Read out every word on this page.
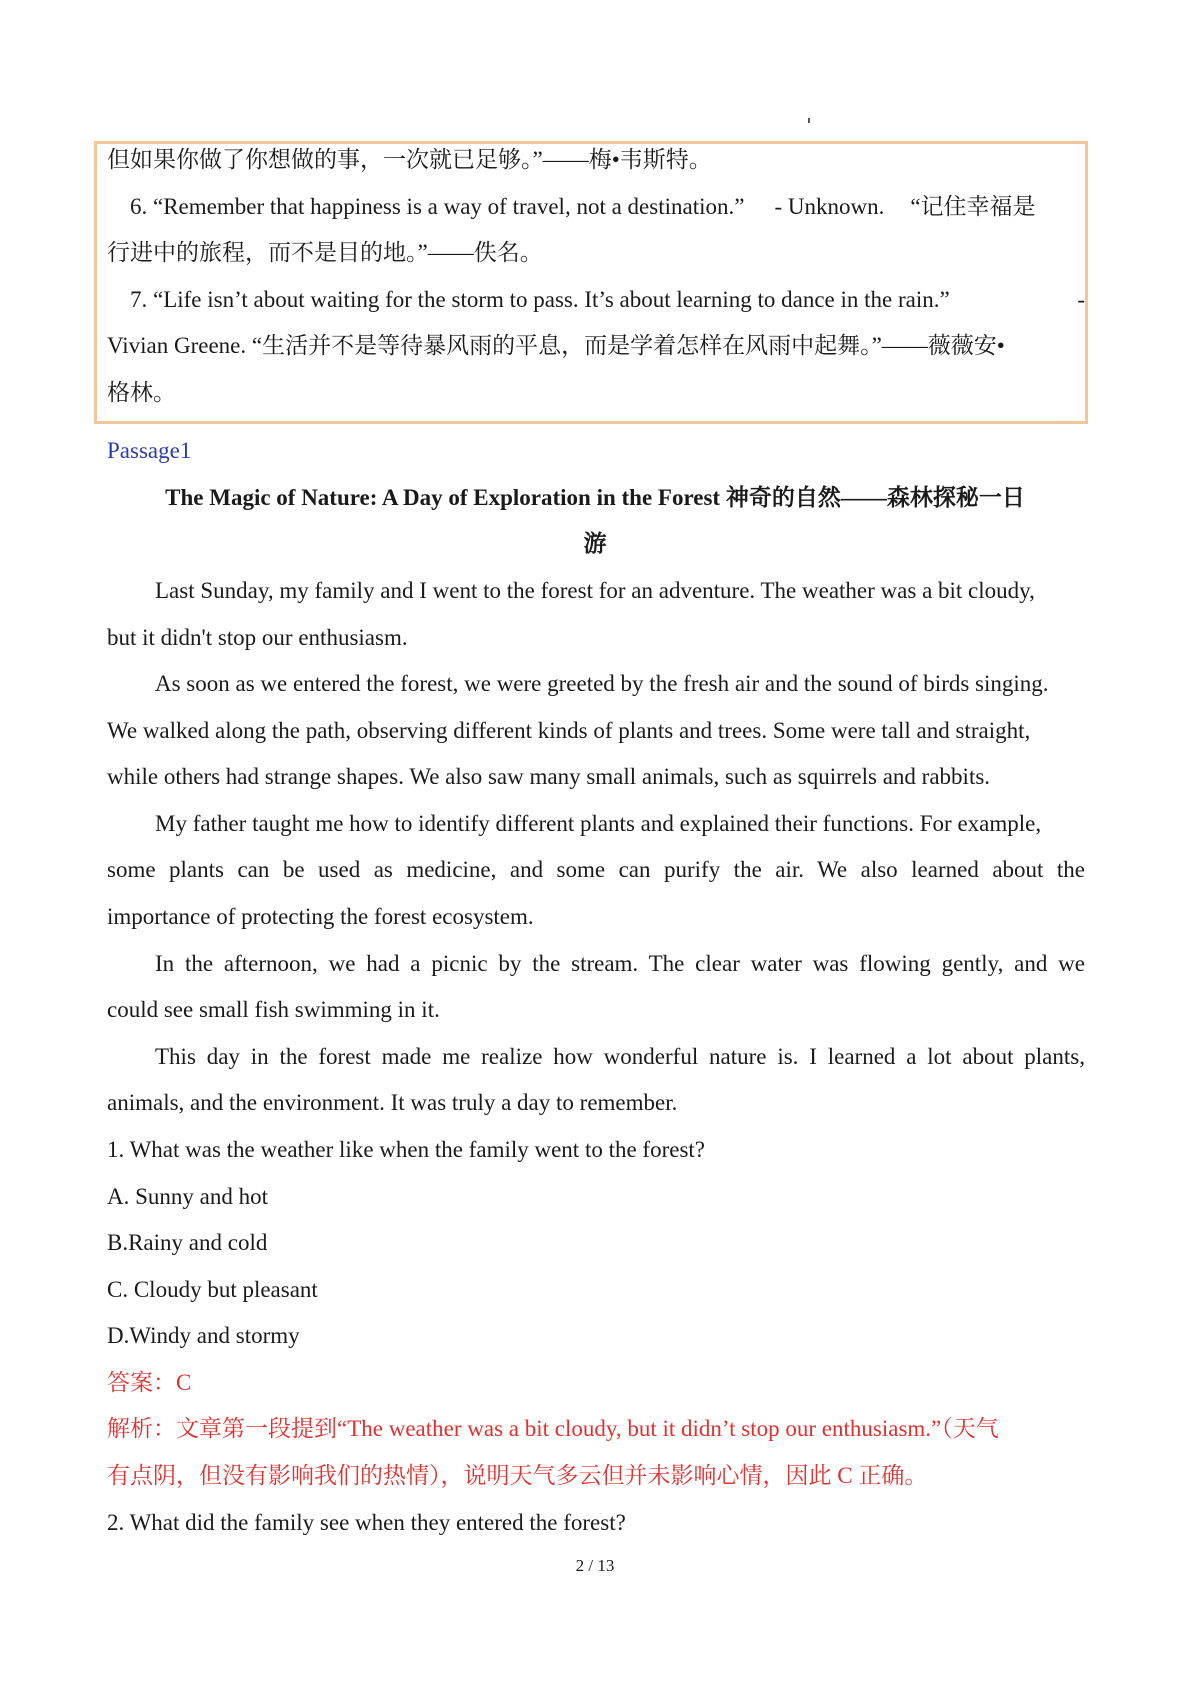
但如果你做了你想做的事，一次就已足够。”——梅•韦斯特。
6. “Remember that happiness is a way of travel, not a destination.” - Unknown. “记住幸福是
行进中的旅程，而不是目的地。”——佚名。
7. “Life isn’t about waiting for the storm to pass. It’s about learning to dance in the rain.”	-
Vivian Greene. “生活并不是等待暴风雨的平息，而是学着怎样在风雨中起舞。”——薇薇安•
格林。
Passage1
The Magic of Nature: A Day of Exploration in the Forest 神奇的自然——森林探秘一日
游
Last Sunday, my family and I went to the forest for an adventure. The weather was a bit cloudy,
but it didn't stop our enthusiasm.
As soon as we entered the forest, we were greeted by the fresh air and the sound of birds singing.
We walked along the path, observing different kinds of plants and trees. Some were tall and straight,
while others had strange shapes. We also saw many small animals, such as squirrels and rabbits.
My father taught me how to identify different plants and explained their functions. For example,
some plants can be used as medicine, and some can purify the air. We also learned about the
importance of protecting the forest ecosystem.
In the afternoon, we had a picnic by the stream. The clear water was flowing gently, and we
could see small fish swimming in it.
This day in the forest made me realize how wonderful nature is. I learned a lot about plants,
animals, and the environment. It was truly a day to remember.
1. What was the weather like when the family went to the forest?
A. Sunny and hot
B.Rainy and cold
C. Cloudy but pleasant
D.Windy and stormy
答案：C
解析：文章第一段提到“The weather was a bit cloudy, but it didn’t stop our enthusiasm.”（天气
有点阴，但没有影响我们的热情），说明天气多云但并未影响心情，因此 C 正确。
2. What did the family see when they entered the forest?
2 / 13
